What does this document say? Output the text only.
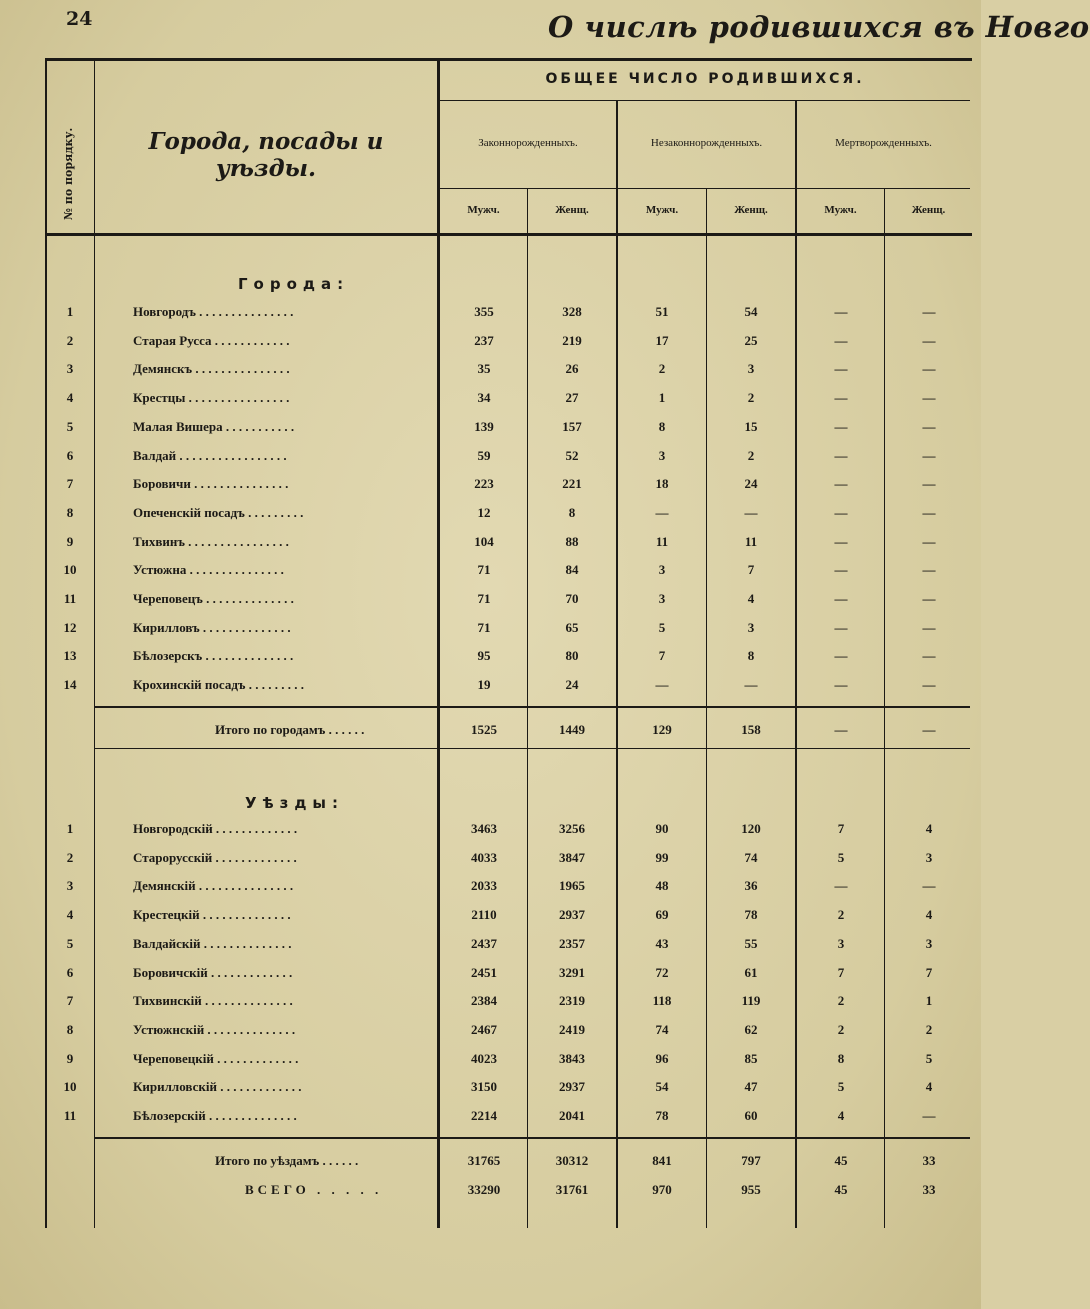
24	О числѣ родившихся въ Новго
№ по порядку.	Города, посады и уѣзды.
ОБЩЕЕ ЧИСЛО РОДИВШИХСЯ.
Законнорожденныхъ.	Незаконнорожденныхъ.	Мертворожденныхъ.
Мужч.	Женщ.	Мужч.	Женщ.	Мужч.	Женщ.
Города:
Уѣзды:
1	Новгородъ . . . . . . . . . . . . . . .	355	328	51	54	—	—
2	Старая Русса . . . . . . . . . . . .	237	219	17	25	—	—
3	Демянскъ . . . . . . . . . . . . . . .	35	26	2	3	—	—
4	Крестцы . . . . . . . . . . . . . . . .	34	27	1	2	—	—
5	Малая Вишера . . . . . . . . . . .	139	157	8	15	—	—
6	Валдай . . . . . . . . . . . . . . . . .	59	52	3	2	—	—
7	Боровичи . . . . . . . . . . . . . . .	223	221	18	24	—	—
8	Опеченскій посадъ . . . . . . . . .	12	8	—	—	—	—
9	Тихвинъ . . . . . . . . . . . . . . . .	104	88	11	11	—	—
10	Устюжна . . . . . . . . . . . . . . .	71	84	3	7	—	—
11	Череповецъ . . . . . . . . . . . . . .	71	70	3	4	—	—
12	Кирилловъ . . . . . . . . . . . . . .	71	65	5	3	—	—
13	Бѣлозерскъ . . . . . . . . . . . . . .	95	80	7	8	—	—
14	Крохинскій посадъ . . . . . . . . .	19	24	—	—	—	—
Итого по городамъ . . . . . .	1525	1449	129	158	—	—
1	Новгородскій . . . . . . . . . . . . .	3463	3256	90	120	7	4
2	Старорусскій . . . . . . . . . . . . .	4033	3847	99	74	5	3
3	Демянскій . . . . . . . . . . . . . . .	2033	1965	48	36	—	—
4	Крестецкій . . . . . . . . . . . . . .	2110	2937	69	78	2	4
5	Валдайскій . . . . . . . . . . . . . .	2437	2357	43	55	3	3
6	Боровичскій . . . . . . . . . . . . .	2451	3291	72	61	7	7
7	Тихвинскій . . . . . . . . . . . . . .	2384	2319	118	119	2	1
8	Устюжнскій . . . . . . . . . . . . . .	2467	2419	74	62	2	2
9	Череповецкій . . . . . . . . . . . . .	4023	3843	96	85	8	5
10	Кирилловскій . . . . . . . . . . . . .	3150	2937	54	47	5	4
11	Бѣлозерскій . . . . . . . . . . . . . .	2214	2041	78	60	4	—
Итого по уѣздамъ . . . . . .	31765	30312	841	797	45	33
ВСЕГО . . . . .	33290	31761	970	955	45	33
